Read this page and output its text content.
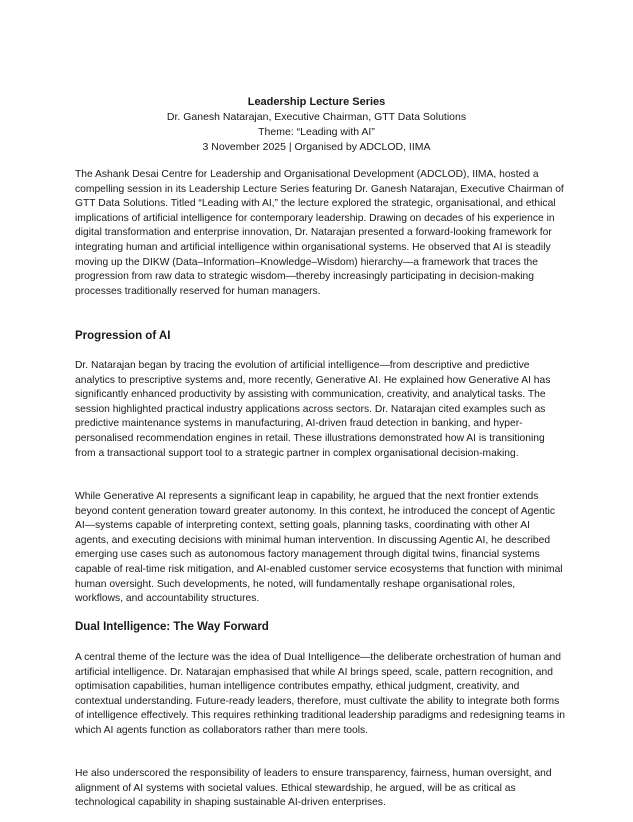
Leadership Lecture Series
Dr. Ganesh Natarajan, Executive Chairman, GTT Data Solutions
Theme: “Leading with AI”
3 November 2025 | Organised by ADCLOD, IIMA

The Ashank Desai Centre for Leadership and Organisational Development (ADCLOD), IIMA, hosted a compelling session in its Leadership Lecture Series featuring Dr. Ganesh Natarajan, Executive Chairman of GTT Data Solutions. Titled “Leading with AI,” the lecture explored the strategic, organisational, and ethical implications of artificial intelligence for contemporary leadership. Drawing on decades of his experience in digital transformation and enterprise innovation, Dr. Natarajan presented a forward-looking framework for integrating human and artificial intelligence within organisational systems. He observed that AI is steadily moving up the DIKW (Data–Information–Knowledge–Wisdom) hierarchy—a framework that traces the progression from raw data to strategic wisdom—thereby increasingly participating in decision-making processes traditionally reserved for human managers.

Progression of AI

Dr. Natarajan began by tracing the evolution of artificial intelligence—from descriptive and predictive analytics to prescriptive systems and, more recently, Generative AI. He explained how Generative AI has significantly enhanced productivity by assisting with communication, creativity, and analytical tasks. The session highlighted practical industry applications across sectors. Dr. Natarajan cited examples such as predictive maintenance systems in manufacturing, AI-driven fraud detection in banking, and hyper-personalised recommendation engines in retail. These illustrations demonstrated how AI is transitioning from a transactional support tool to a strategic partner in complex organisational decision-making.

While Generative AI represents a significant leap in capability, he argued that the next frontier extends beyond content generation toward greater autonomy. In this context, he introduced the concept of Agentic AI—systems capable of interpreting context, setting goals, planning tasks, coordinating with other AI agents, and executing decisions with minimal human intervention. In discussing Agentic AI, he described emerging use cases such as autonomous factory management through digital twins, financial systems capable of real-time risk mitigation, and AI-enabled customer service ecosystems that function with minimal human oversight. Such developments, he noted, will fundamentally reshape organisational roles, workflows, and accountability structures.

Dual Intelligence: The Way Forward

A central theme of the lecture was the idea of Dual Intelligence—the deliberate orchestration of human and artificial intelligence. Dr. Natarajan emphasised that while AI brings speed, scale, pattern recognition, and optimisation capabilities, human intelligence contributes empathy, ethical judgment, creativity, and contextual understanding. Future-ready leaders, therefore, must cultivate the ability to integrate both forms of intelligence effectively. This requires rethinking traditional leadership paradigms and redesigning teams in which AI agents function as collaborators rather than mere tools.

He also underscored the responsibility of leaders to ensure transparency, fairness, human oversight, and alignment of AI systems with societal values. Ethical stewardship, he argued, will be as critical as technological capability in shaping sustainable AI-driven enterprises.
